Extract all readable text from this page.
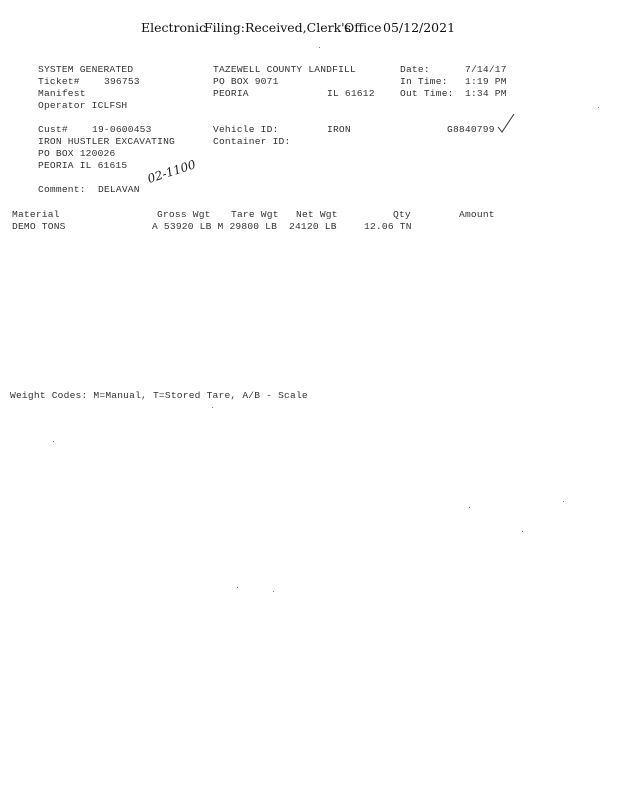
Electronic
Filing: Received,Clerk's
Office 05/12/2021
SYSTEM GENERATED
Ticket#	396753
Manifest
Operator ICLFSH
TAZEWELL COUNTY LANDFILL
PO BOX 9071
PEORIA	IL 61612
Date:	7/14/17
In Time: 1:19 PM
Out Time: 1:34 PM
Cust#	19-0600453
IRON HUSTLER EXCAVATING
PO BOX 120026
PEORIA IL 61615
Vehicle ID:	IRON
Container ID:
G8840799
Comment: DELAVAN
02-1100
Material	Gross Wgt Tare Wgt Net Wgt	Qty	Amount
DEMO TONS	A 53920 LB M 29800 LB 24120 LB	12.06 TN
Weight Codes: M=Manual, T=Stored Tare, A/B - Scale
